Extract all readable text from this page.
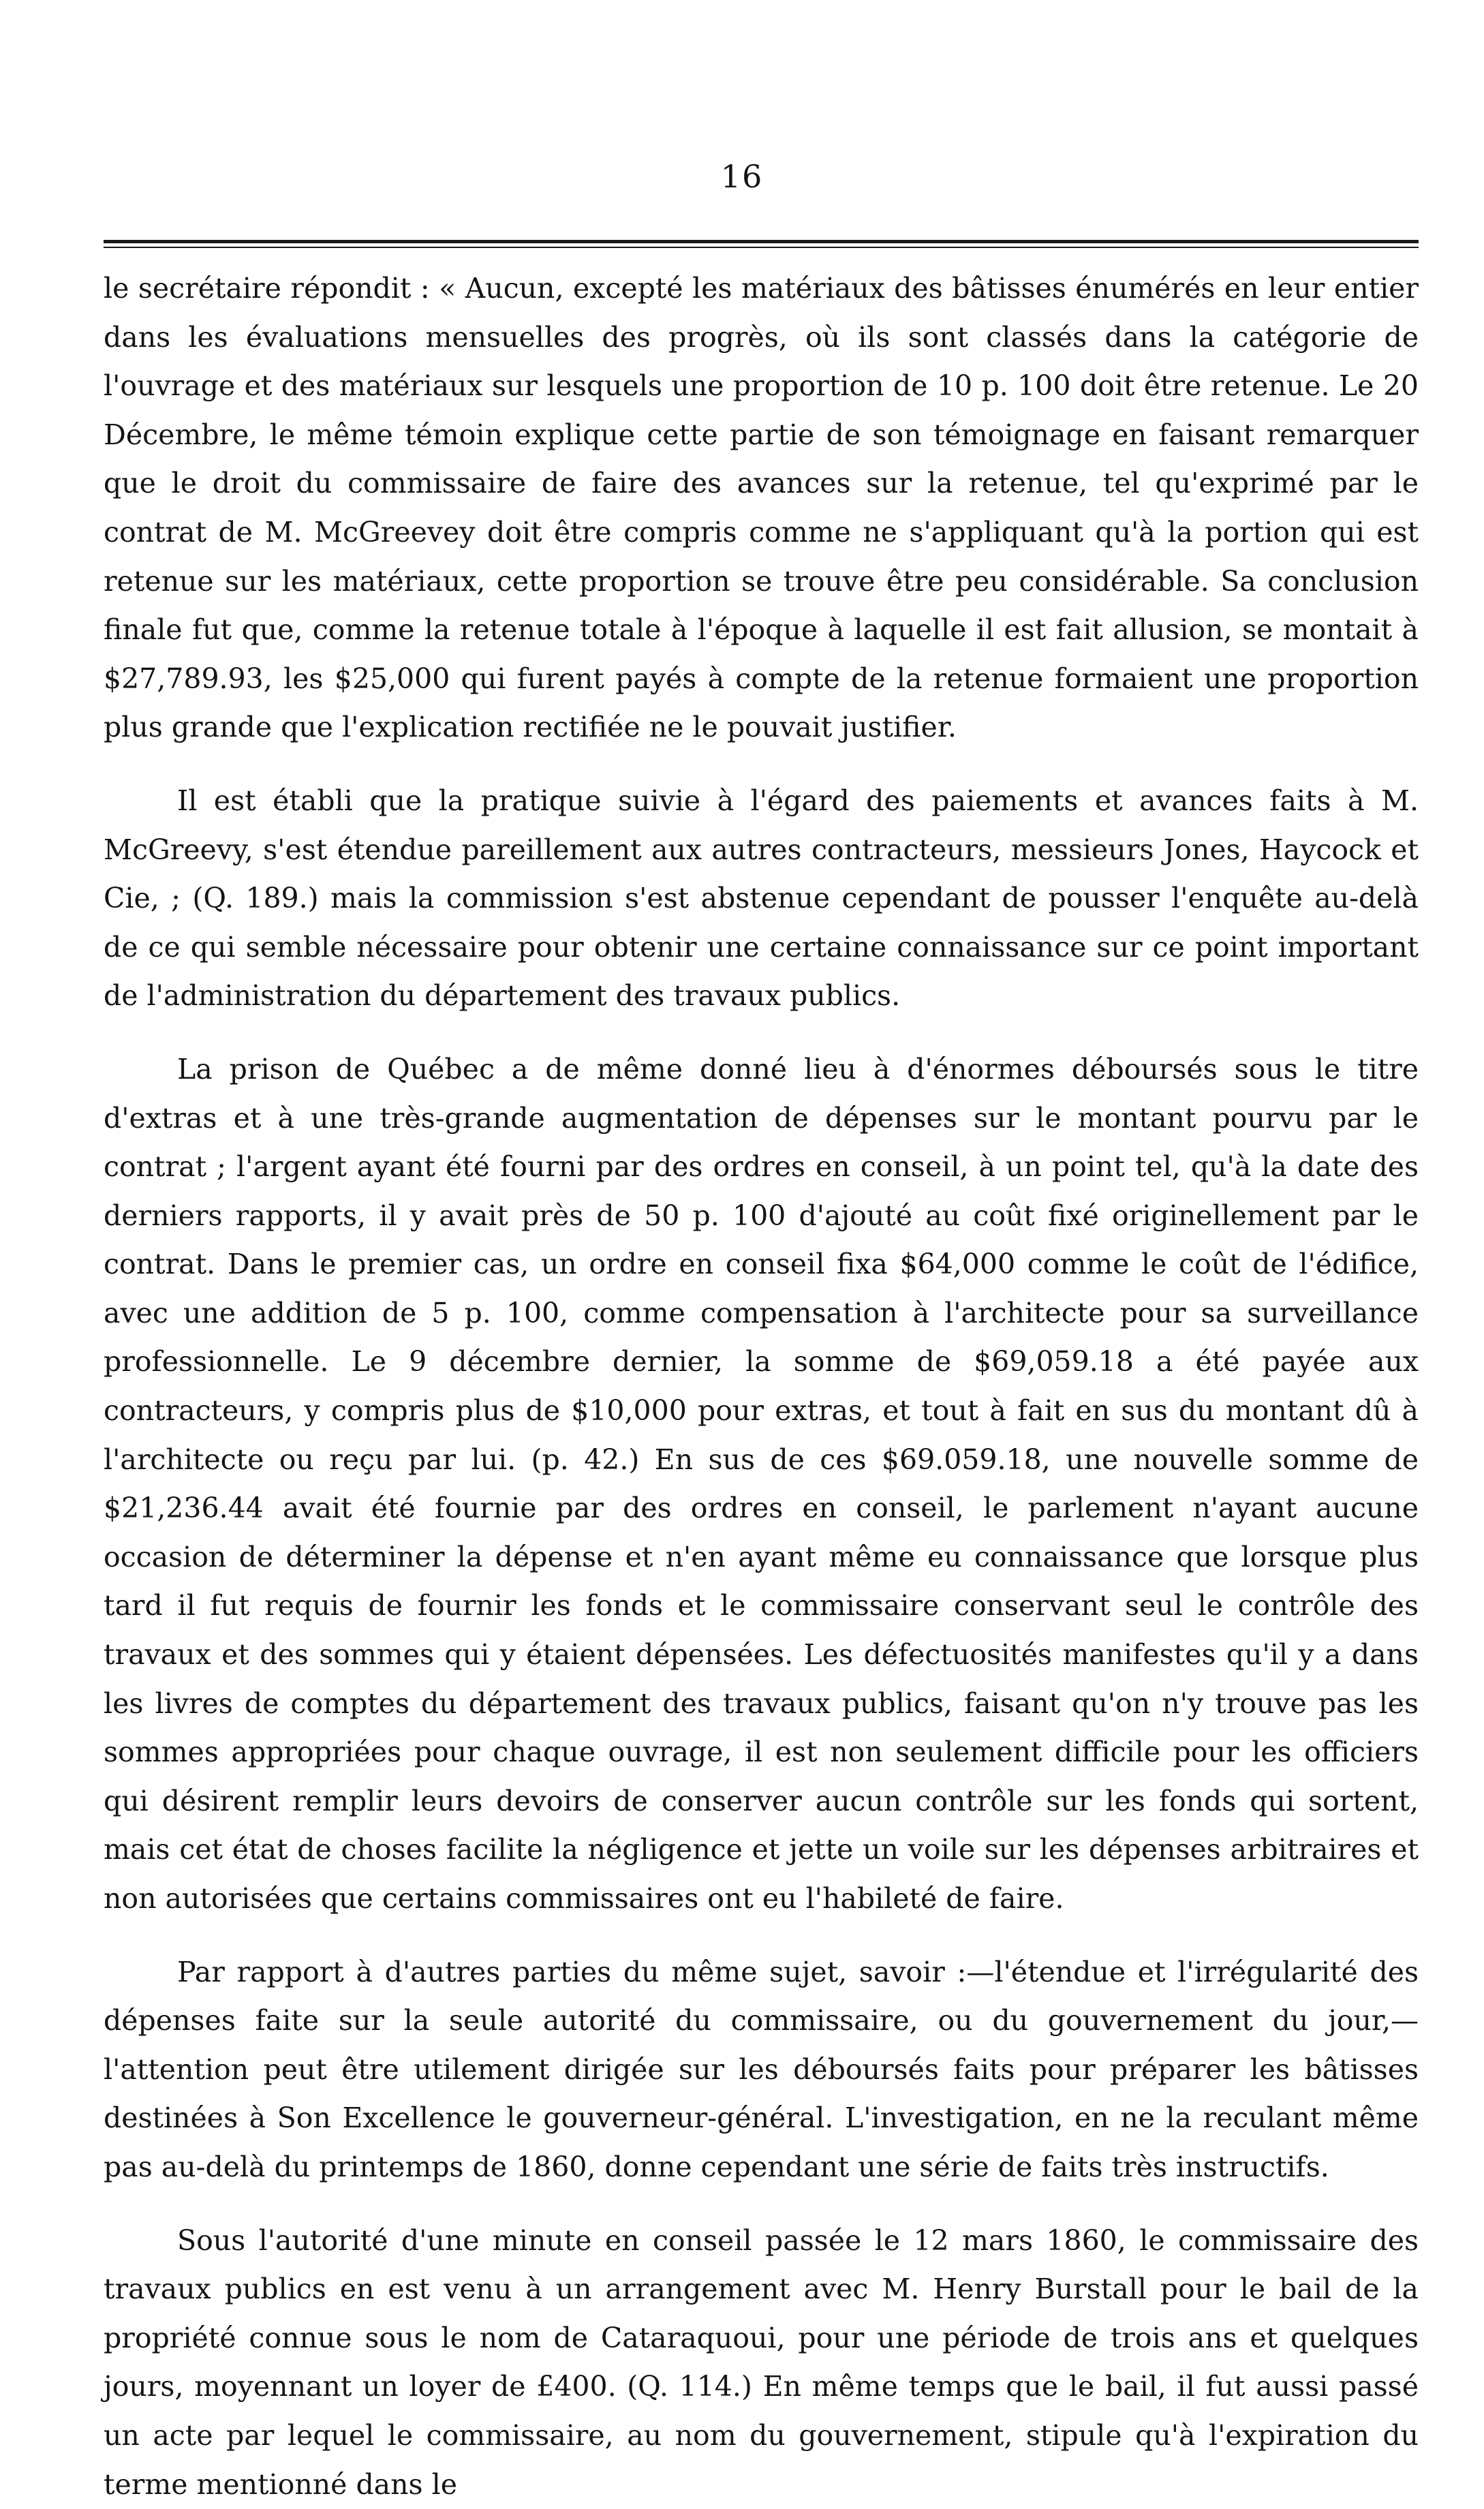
16

le secrétaire répondit : « Aucun, excepté les matériaux des bâtisses énumérés en leur entier dans les évaluations mensuelles des progrès, où ils sont classés dans la catégorie de l'ouvrage et des matériaux sur lesquels une proportion de 10 p. 100 doit être retenue. Le 20 Décembre, le même témoin explique cette partie de son témoignage en faisant remarquer que le droit du commissaire de faire des avances sur la retenue, tel qu'exprimé par le contrat de M. McGreevey doit être compris comme ne s'appliquant qu'à la portion qui est retenue sur les matériaux, cette proportion se trouve être peu considérable. Sa conclusion finale fut que, comme la retenue totale à l'époque à laquelle il est fait allusion, se montait à $27,789.93, les $25,000 qui furent payés à compte de la retenue formaient une proportion plus grande que l'explication rectifiée ne le pouvait justifier.

Il est établi que la pratique suivie à l'égard des paiements et avances faits à M. McGreevy, s'est étendue pareillement aux autres contracteurs, messieurs Jones, Haycock et Cie, ; (Q. 189.) mais la commission s'est abstenue cependant de pousser l'enquête au-delà de ce qui semble nécessaire pour obtenir une certaine connaissance sur ce point important de l'administration du département des travaux publics.

La prison de Québec a de même donné lieu à d'énormes déboursés sous le titre d'extras et à une très-grande augmentation de dépenses sur le montant pourvu par le contrat ; l'argent ayant été fourni par des ordres en conseil, à un point tel, qu'à la date des derniers rapports, il y avait près de 50 p. 100 d'ajouté au coût fixé originellement par le contrat. Dans le premier cas, un ordre en conseil fixa $64,000 comme le coût de l'édifice, avec une addition de 5 p. 100, comme compensation à l'architecte pour sa surveillance professionnelle. Le 9 décembre dernier, la somme de $69,059.18 a été payée aux contracteurs, y compris plus de $10,000 pour extras, et tout à fait en sus du montant dû à l'architecte ou reçu par lui. (p. 42.) En sus de ces $69.059.18, une nouvelle somme de $21,236.44 avait été fournie par des ordres en conseil, le parlement n'ayant aucune occasion de déterminer la dépense et n'en ayant même eu connaissance que lorsque plus tard il fut requis de fournir les fonds et le commissaire conservant seul le contrôle des travaux et des sommes qui y étaient dépensées. Les défectuosités manifestes qu'il y a dans les livres de comptes du département des travaux publics, faisant qu'on n'y trouve pas les sommes appropriées pour chaque ouvrage, il est non seulement difficile pour les officiers qui désirent remplir leurs devoirs de conserver aucun contrôle sur les fonds qui sortent, mais cet état de choses facilite la négligence et jette un voile sur les dépenses arbitraires et non autorisées que certains commissaires ont eu l'habileté de faire.

Par rapport à d'autres parties du même sujet, savoir :—l'étendue et l'irrégularité des dépenses faite sur la seule autorité du commissaire, ou du gouvernement du jour,—l'attention peut être utilement dirigée sur les déboursés faits pour préparer les bâtisses destinées à Son Excellence le gouverneur-général. L'investigation, en ne la reculant même pas au-delà du printemps de 1860, donne cependant une série de faits très instructifs.

Sous l'autorité d'une minute en conseil passée le 12 mars 1860, le commissaire des travaux publics en est venu à un arrangement avec M. Henry Burstall pour le bail de la propriété connue sous le nom de Cataraquoui, pour une période de trois ans et quelques jours, moyennant un loyer de £400. (Q. 114.) En même temps que le bail, il fut aussi passé un acte par lequel le commissaire, au nom du gouvernement, stipule qu'à l'expiration du terme mentionné dans le
